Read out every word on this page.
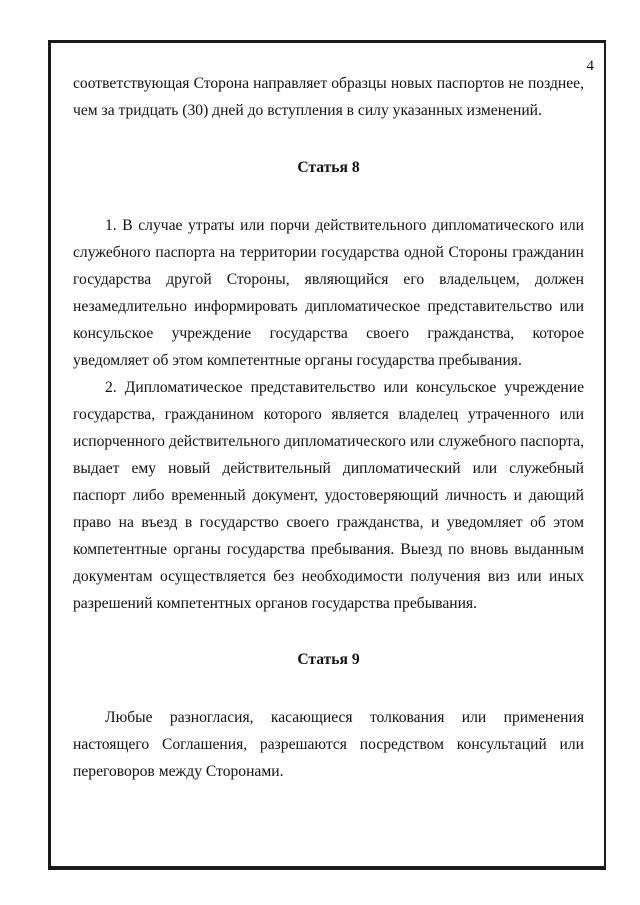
4

соответствующая Сторона направляет образцы новых паспортов не позднее, чем за тридцать (30) дней до вступления в силу указанных изменений.

Статья 8

1. В случае утраты или порчи действительного дипломатического или служебного паспорта на территории государства одной Стороны гражданин государства другой Стороны, являющийся его владельцем, должен незамедлительно информировать дипломатическое представительство или консульское учреждение государства своего гражданства, которое уведомляет об этом компетентные органы государства пребывания.

2. Дипломатическое представительство или консульское учреждение государства, гражданином которого является владелец утраченного или испорченного действительного дипломатического или служебного паспорта, выдает ему новый действительный дипломатический или служебный паспорт либо временный документ, удостоверяющий личность и дающий право на въезд в государство своего гражданства, и уведомляет об этом компетентные органы государства пребывания. Выезд по вновь выданным документам осуществляется без необходимости получения виз или иных разрешений компетентных органов государства пребывания.

Статья 9

Любые разногласия, касающиеся толкования или применения настоящего Соглашения, разрешаются посредством консультаций или переговоров между Сторонами.
